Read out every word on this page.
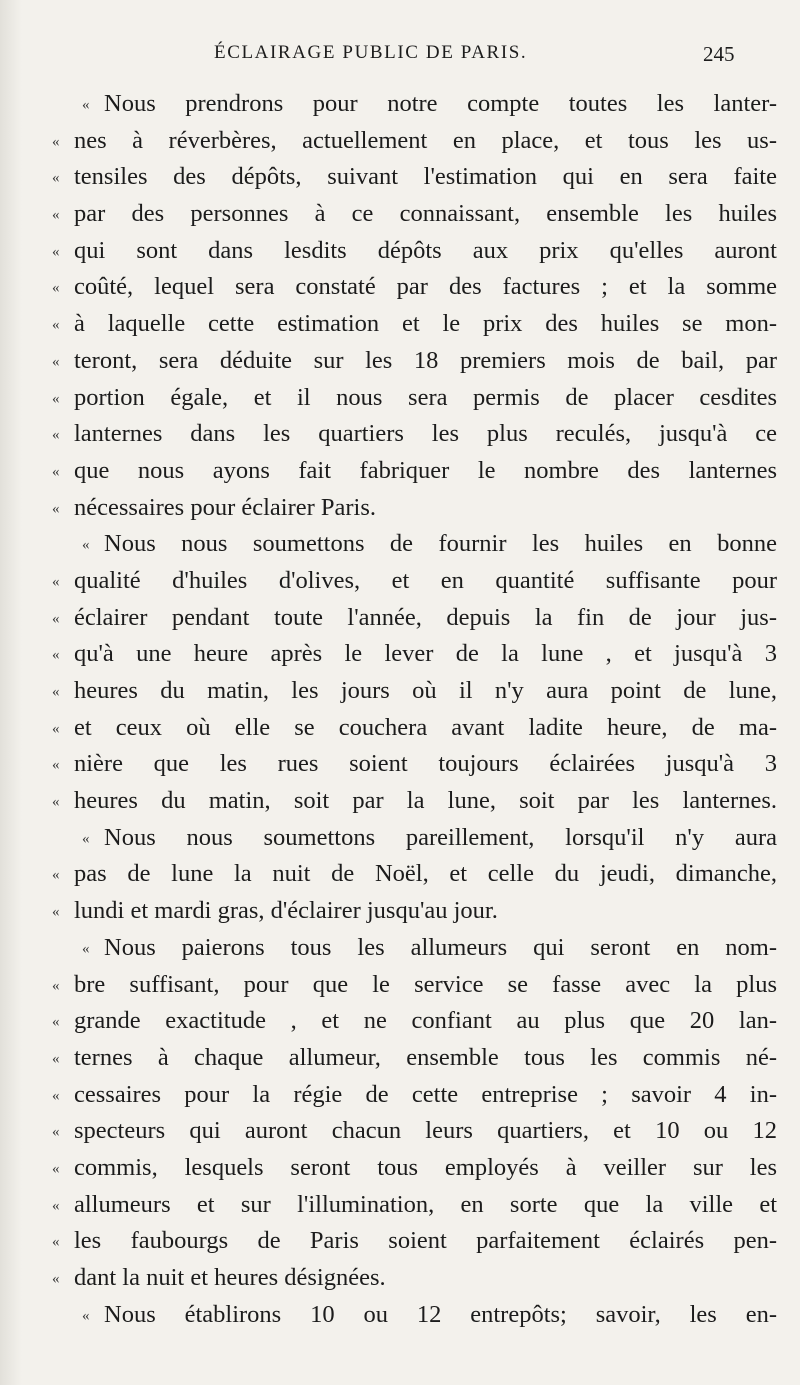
ÉCLAIRAGE PUBLIC DE PARIS.	245
« Nous prendrons pour notre compte toutes les lanter-
« nes à réverbères, actuellement en place, et tous les us-
« tensiles des dépôts, suivant l'estimation qui en sera faite
« par des personnes à ce connaissant, ensemble les huiles
« qui sont dans lesdits dépôts aux prix qu'elles auront
« coûté, lequel sera constaté par des factures ; et la somme
« à laquelle cette estimation et le prix des huiles se mon-
« teront, sera déduite sur les 18 premiers mois de bail, par
« portion égale, et il nous sera permis de placer cesdites
« lanternes dans les quartiers les plus reculés, jusqu'à ce
« que nous ayons fait fabriquer le nombre des lanternes
« nécessaires pour éclairer Paris.
« Nous nous soumettons de fournir les huiles en bonne
« qualité d'huiles d'olives, et en quantité suffisante pour
« éclairer pendant toute l'année, depuis la fin de jour jus-
« qu'à une heure après le lever de la lune , et jusqu'à 3
« heures du matin, les jours où il n'y aura point de lune,
« et ceux où elle se couchera avant ladite heure, de ma-
« nière que les rues soient toujours éclairées jusqu'à 3
« heures du matin, soit par la lune, soit par les lanternes.
« Nous nous soumettons pareillement, lorsqu'il n'y aura
« pas de lune la nuit de Noël, et celle du jeudi, dimanche,
« lundi et mardi gras, d'éclairer jusqu'au jour.
« Nous paierons tous les allumeurs qui seront en nom-
« bre suffisant, pour que le service se fasse avec la plus
« grande exactitude , et ne confiant au plus que 20 lan-
« ternes à chaque allumeur, ensemble tous les commis né-
« cessaires pour la régie de cette entreprise ; savoir 4 in-
« specteurs qui auront chacun leurs quartiers, et 10 ou 12
« commis, lesquels seront tous employés à veiller sur les
« allumeurs et sur l'illumination, en sorte que la ville et
« les faubourgs de Paris soient parfaitement éclairés pen-
« dant la nuit et heures désignées.
« Nous établirons 10 ou 12 entrepôts; savoir, les en-
